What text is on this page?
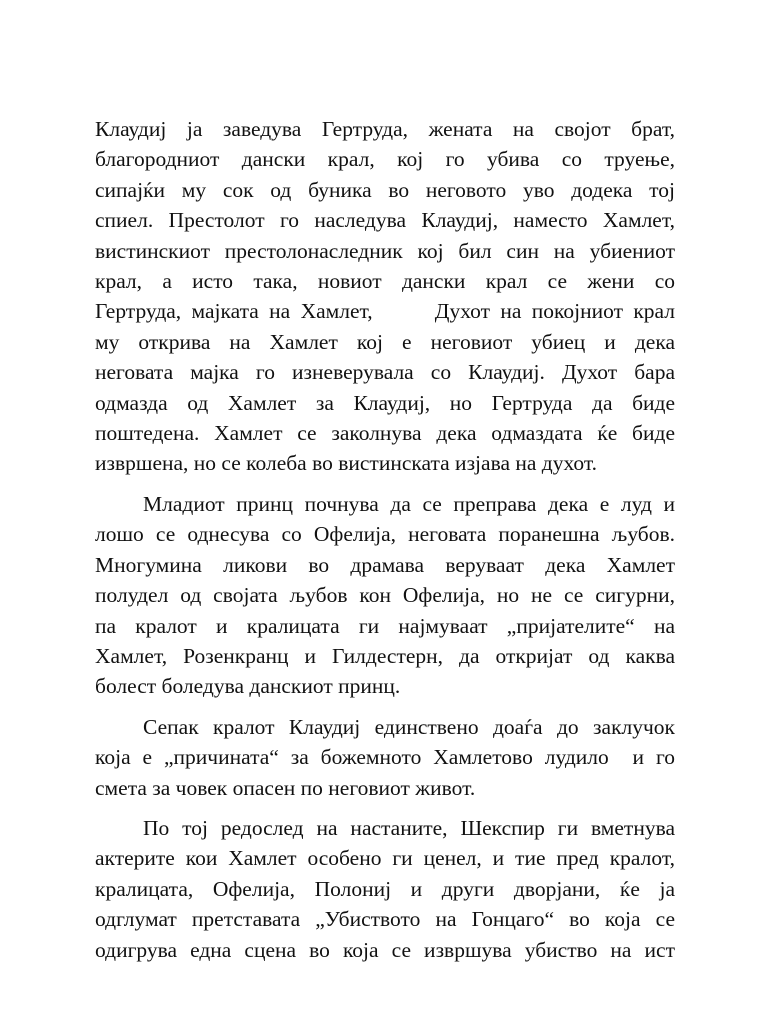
Клаудиј ја заведува Гертруда, жената на својот брат,
благородниот дански крал, кој го убива со труење,
сипајќи му сок од буника во неговото уво додека тој
спиел. Престолот го наследува Клаудиј, наместо Хамлет,
вистинскиот престолонаследник кој бил син на убиениот
крал, а исто така, новиот дански крал се жени со
Гертруда, мајката на Хамлет,      Духот на покојниот крал
му открива на Хамлет кој е неговиот убиец и дека
неговата мајка го изневерувала со Клаудиј. Духот бара
одмазда од Хамлет за Клаудиј, но Гертруда да биде
поштедена. Хамлет се заколнува дека одмаздата ќе биде
извршена, но се колеба во вистинската изјава на духот.
Младиот принц почнува да се преправа дека е луд и
лошо се однесува со Офелија, неговата поранешна љубов.
Многумина ликови во драмава веруваат дека Хамлет
полудел од својата љубов кон Офелија, но не се сигурни,
па кралот и кралицата ги најмуваат „пријателите“ на
Хамлет, Розенкранц и Гилдестерн, да откријат од каква
болест боледува данскиот принц.
Сепак кралот Клаудиј единствено доаѓа до заклучок
која е „причината“ за божемното Хамлетово лудило  и го
смета за човек опасен по неговиот живот.
По тој редослед на настаните, Шекспир ги вметнува
актерите кои Хамлет особено ги ценел, и тие пред кралот,
кралицата, Офелија, Полониј и други дворјани, ќе ја
одглумат претставата „Убиството на Гонцаго“ во која се
одигрува една сцена во која се извршува убиство на ист
